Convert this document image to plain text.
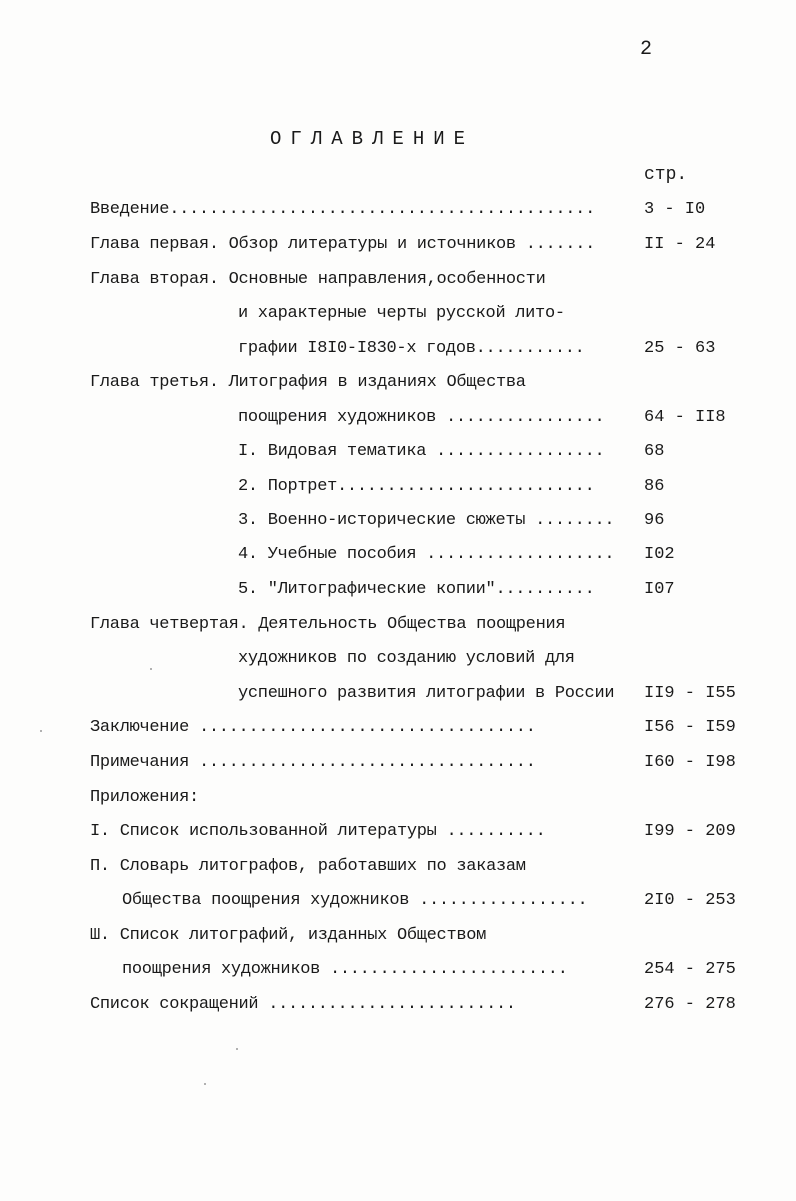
2
ОГЛАВЛЕНИЕ
стр.
Введение...........................................	3 - I0
Глава первая. Обзор литературы и источников .......	II - 24
Глава вторая. Основные направления,особенности
и характерные черты русской лито-
графии I8I0-I830-х годов...........	25 - 63
Глава третья. Литография в изданиях Общества
поощрения художников ................ 64 - II8
I. Видовая тематика ................. 68
2. Портрет..........................	86
3. Военно-исторические сюжеты ........ 96
4. Учебные пособия ................... I02
5. "Литографические копии"..........	I07
Глава четвертая. Деятельность Общества поощрения
художников по созданию условий для
успешного развития литографии в России II9 - I55
Заключение ..................................	I56 - I59
Примечания ..................................	I60 - I98
Приложения:
I. Список использованной литературы ..........	I99 - 209
П. Словарь литографов, работавших по заказам
Общества поощрения художников .................	2I0 - 253
Ш. Список литографий, изданных Обществом
поощрения художников ........................	254 - 275
Список сокращений .........................	276 - 278
